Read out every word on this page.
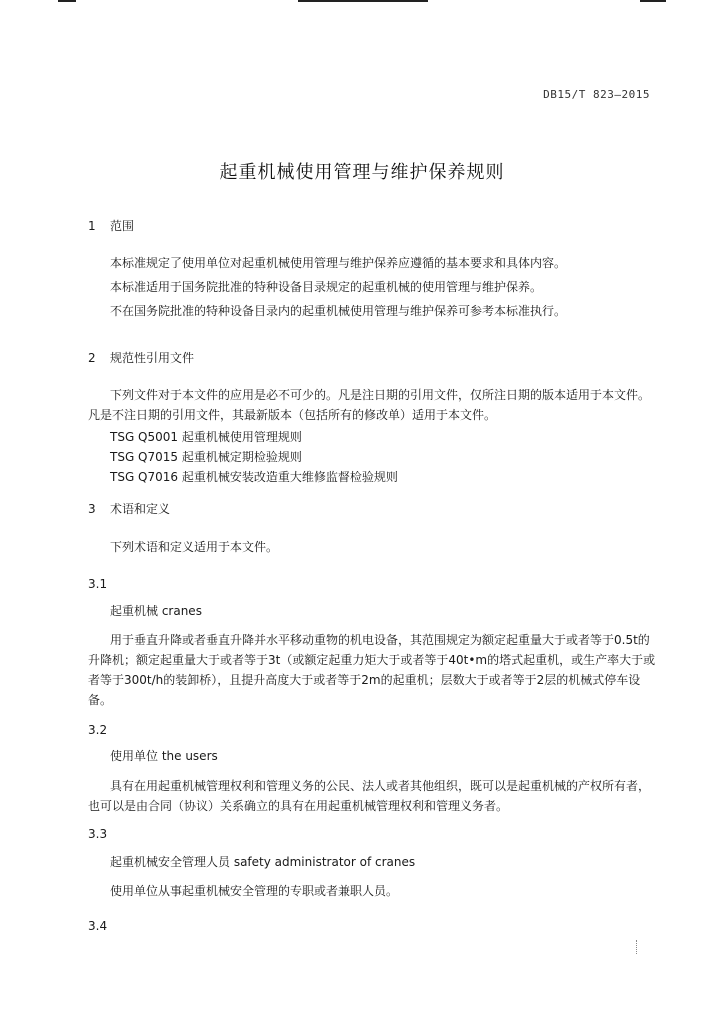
DB15/T 823—2015
起重机械使用管理与维护保养规则
1 范围
本标准规定了使用单位对起重机械使用管理与维护保养应遵循的基本要求和具体内容。
本标准适用于国务院批准的特种设备目录规定的起重机械的使用管理与维护保养。
不在国务院批准的特种设备目录内的起重机械使用管理与维护保养可参考本标准执行。
2 规范性引用文件
下列文件对于本文件的应用是必不可少的。凡是注日期的引用文件，仅所注日期的版本适用于本文件。凡是不注日期的引用文件，其最新版本（包括所有的修改单）适用于本文件。
TSG Q5001 起重机械使用管理规则
TSG Q7015 起重机械定期检验规则
TSG Q7016 起重机械安装改造重大维修监督检验规则
3 术语和定义
下列术语和定义适用于本文件。
3.1
起重机械 cranes
用于垂直升降或者垂直升降并水平移动重物的机电设备，其范围规定为额定起重量大于或者等于0.5t的升降机；额定起重量大于或者等于3t（或额定起重力矩大于或者等于40t•m的塔式起重机，或生产率大于或者等于300t/h的装卸桥），且提升高度大于或者等于2m的起重机；层数大于或者等于2层的机械式停车设备。
3.2
使用单位 the users
具有在用起重机械管理权利和管理义务的公民、法人或者其他组织，既可以是起重机械的产权所有者，也可以是由合同（协议）关系确立的具有在用起重机械管理权利和管理义务者。
3.3
起重机械安全管理人员 safety administrator of cranes
使用单位从事起重机械安全管理的专职或者兼职人员。
3.4
